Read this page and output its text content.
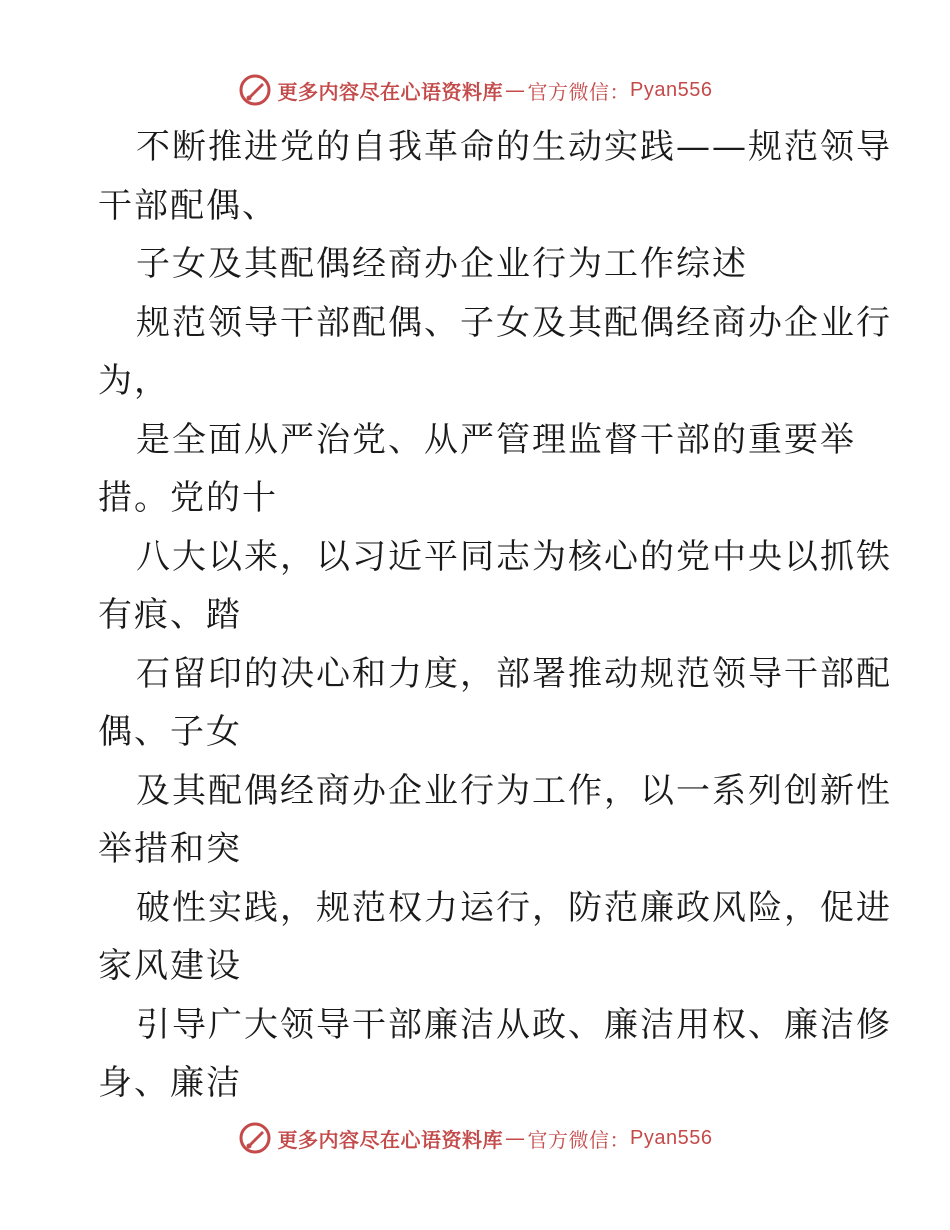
更多内容尽在心语资料库 — 官方微信： Pyan556
不断推进党的自我革命的生动实践——规范领导
干部配偶、
子女及其配偶经商办企业行为工作综述
规范领导干部配偶、子女及其配偶经商办企业行
为，
是全面从严治党、从严管理监督干部的重要举
措。党的十
八大以来，以习近平同志为核心的党中央以抓铁
有痕、踏
石留印的决心和力度，部署推动规范领导干部配
偶、子女
及其配偶经商办企业行为工作，以一系列创新性
举措和突
破性实践，规范权力运行，防范廉政风险，促进
家风建设
引导广大领导干部廉洁从政、廉洁用权、廉洁修
身、廉洁
更多内容尽在心语资料库 — 官方微信： Pyan556
